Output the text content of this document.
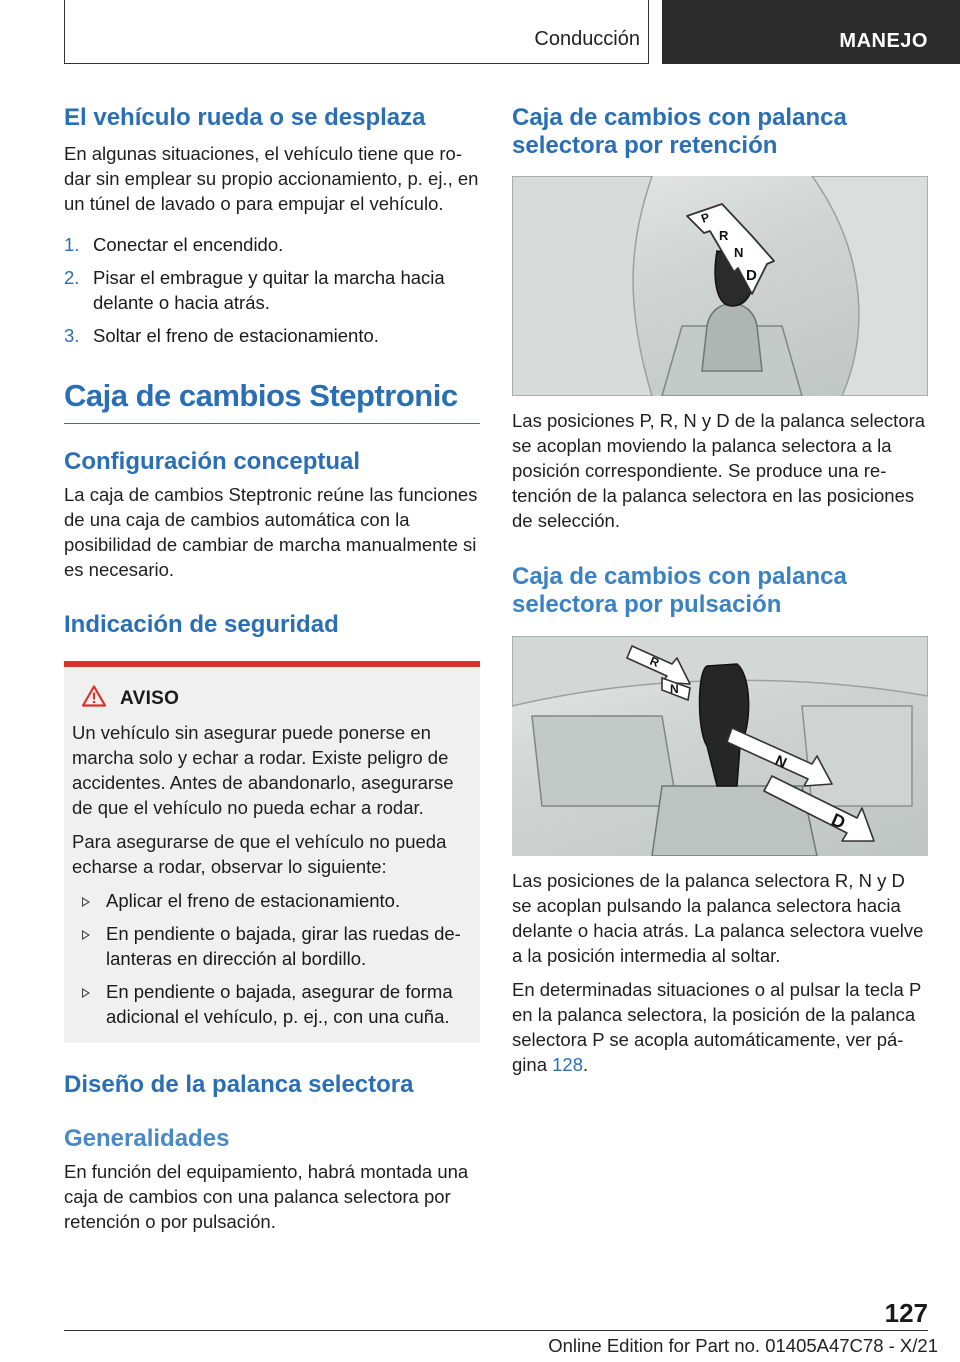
Conducción	MANEJO
El vehículo rueda o se desplaza

En algunas situaciones, el vehículo tiene que rodar sin emplear su propio accionamiento, p. ej., en un túnel de lavado o para empujar el vehículo.

1. Conectar el encendido.
2. Pisar el embrague y quitar la marcha hacia delante o hacia atrás.
3. Soltar el freno de estacionamiento.
Caja de cambios Steptronic
Configuración conceptual

La caja de cambios Steptronic reúne las funciones de una caja de cambios automática con la posibilidad de cambiar de marcha manualmente si es necesario.

Indicación de seguridad
AVISO

Un vehículo sin asegurar puede ponerse en marcha solo y echar a rodar. Existe peligro de accidentes. Antes de abandonarlo, asegurarse de que el vehículo no pueda echar a rodar.

Para asegurarse de que el vehículo no pueda echarse a rodar, observar lo siguiente:

Aplicar el freno de estacionamiento.
En pendiente o bajada, girar las ruedas delanteras en dirección al bordillo.
En pendiente o bajada, asegurar de forma adicional el vehículo, p. ej., con una cuña.
Diseño de la palanca selectora
Generalidades

En función del equipamiento, habrá montada una caja de cambios con una palanca selectora por retención o por pulsación.

Caja de cambios con palanca selectora por retención
P
R
N
D

Las posiciones P, R, N y D de la palanca selectora se acoplan moviendo la palanca selectora a la posición correspondiente. Se produce una retención de la palanca selectora en las posiciones de selección.

Caja de cambios con palanca selectora por pulsación
R
N
N
D

Las posiciones de la palanca selectora R, N y D se acoplan pulsando la palanca selectora hacia delante o hacia atrás. La palanca selectora vuelve a la posición intermedia al soltar.

En determinadas situaciones o al pulsar la tecla P en la palanca selectora, la posición de la palanca selectora P se acopla automáticamente, ver página 128.

127
Online Edition for Part no. 01405A47C78 - X/21
